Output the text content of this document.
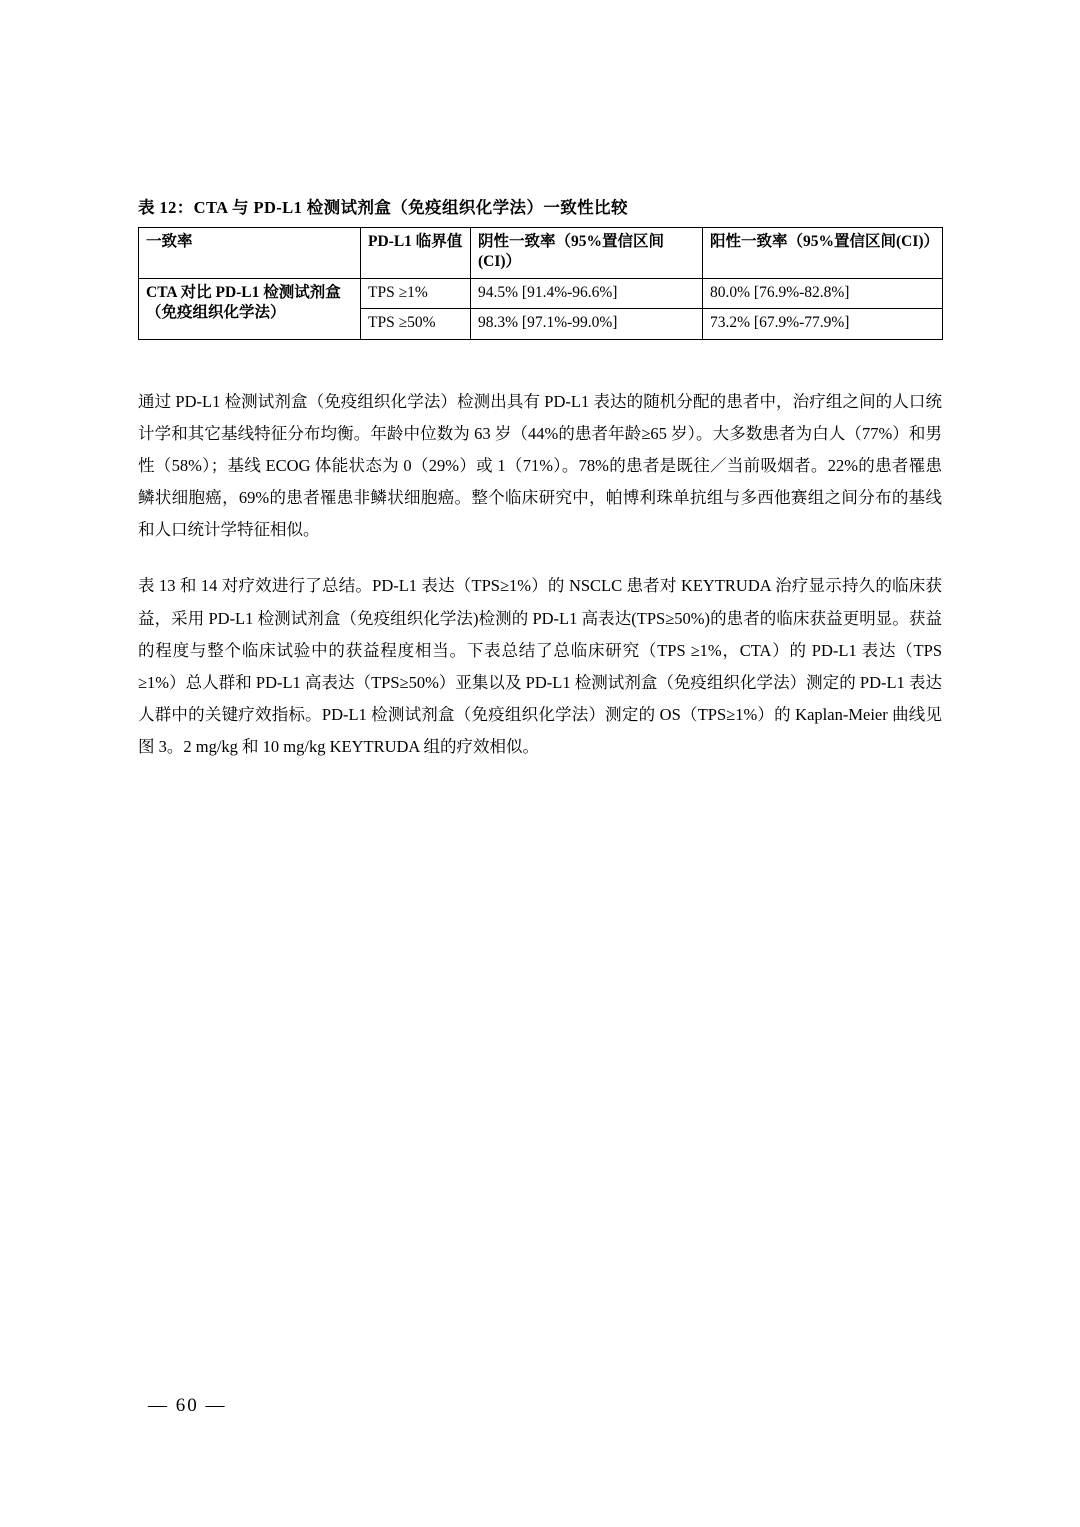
表 12：CTA 与 PD-L1 检测试剂盒（免疫组织化学法）一致性比较
一致率	PD-L1 临界值	阴性一致率（95%置信区间(CI)）	阳性一致率（95%置信区间(CI)）
CTA 对比 PD-L1 检测试剂盒（免疫组织化学法）	TPS ≥1%	94.5% [91.4%-96.6%]	80.0% [76.9%-82.8%]
	TPS ≥50%	98.3% [97.1%-99.0%]	73.2% [67.9%-77.9%]

通过 PD-L1 检测试剂盒（免疫组织化学法）检测出具有 PD-L1 表达的随机分配的患者中，治疗组之间的人口统计学和其它基线特征分布均衡。年龄中位数为 63 岁（44%的患者年龄≥65 岁）。大多数患者为白人（77%）和男性（58%）；基线 ECOG 体能状态为 0（29%）或 1（71%）。78%的患者是既往／当前吸烟者。22%的患者罹患鳞状细胞癌，69%的患者罹患非鳞状细胞癌。整个临床研究中，帕博利珠单抗组与多西他赛组之间分布的基线和人口统计学特征相似。

表 13 和 14 对疗效进行了总结。PD-L1 表达（TPS≥1%）的 NSCLC 患者对 KEYTRUDA 治疗显示持久的临床获益，采用 PD-L1 检测试剂盒（免疫组织化学法)检测的 PD-L1 高表达(TPS≥50%)的患者的临床获益更明显。获益的程度与整个临床试验中的获益程度相当。下表总结了总临床研究（TPS ≥1%，CTA）的 PD-L1 表达（TPS ≥1%）总人群和 PD-L1 高表达（TPS≥50%）亚集以及 PD-L1 检测试剂盒（免疫组织化学法）测定的 PD-L1 表达人群中的关键疗效指标。PD-L1 检测试剂盒（免疫组织化学法）测定的 OS（TPS≥1%）的 Kaplan-Meier 曲线见图 3。2 mg/kg 和 10 mg/kg KEYTRUDA 组的疗效相似。

— 60 —
